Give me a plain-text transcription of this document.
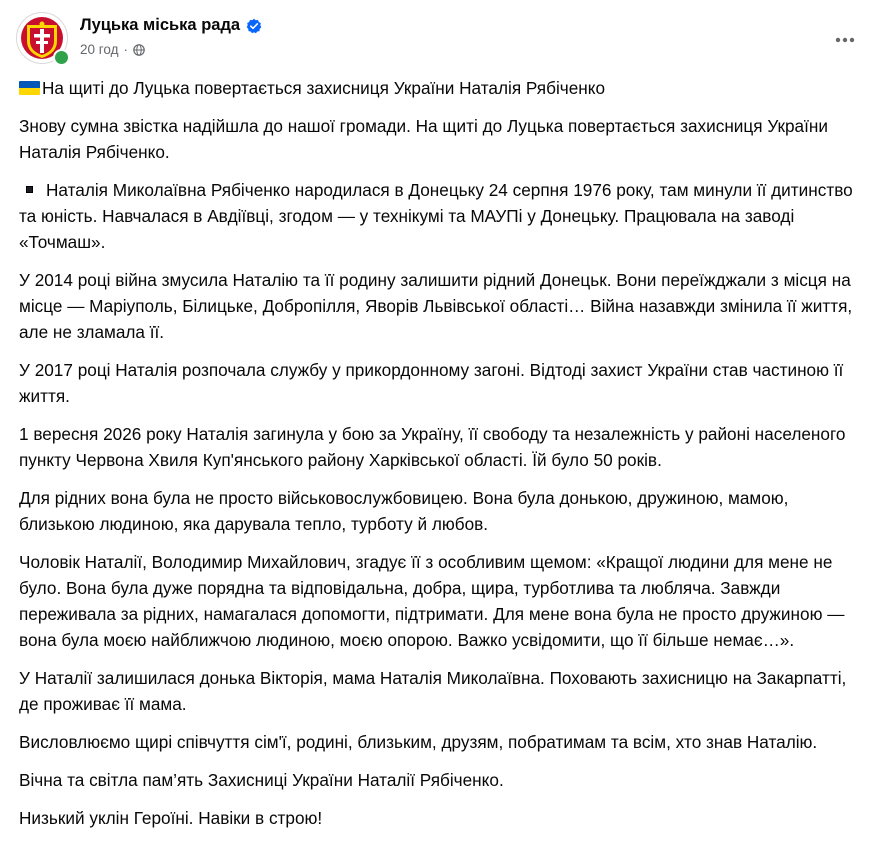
Луцька міська рада
20 год ·

На щиті до Луцька повертається захисниця України Наталія Рябіченко

Знову сумна звістка надійшла до нашої громади. На щиті до Луцька повертається захисниця України Наталія Рябіченко.

Наталія Миколаївна Рябіченко народилася в Донецьку 24 серпня 1976 року, там минули її дитинство та юність. Навчалася в Авдіївці, згодом — у технікумі та МАУПі у Донецьку. Працювала на заводі «Точмаш».

У 2014 році війна змусила Наталію та її родину залишити рідний Донецьк. Вони переїжджали з місця на місце — Маріуполь, Білицьке, Добропілля, Яворів Львівської області… Війна назавжди змінила її життя, але не зламала її.

У 2017 році Наталія розпочала службу у прикордонному загоні. Відтоді захист України став частиною її життя.

1 вересня 2026 року Наталія загинула у бою за Україну, її свободу та незалежність у районі населеного пункту Червона Хвиля Куп'янського району Харківської області. Їй було 50 років.

Для рідних вона була не просто військовослужбовицею. Вона була донькою, дружиною, мамою, близькою людиною, яка дарувала тепло, турботу й любов.

Чоловік Наталії, Володимир Михайлович, згадує її з особливим щемом: «Кращої людини для мене не було. Вона була дуже порядна та відповідальна, добра, щира, турботлива та любляча. Завжди переживала за рідних, намагалася допомогти, підтримати. Для мене вона була не просто дружиною — вона була моєю найближчою людиною, моєю опорою. Важко усвідомити, що її більше немає…».

У Наталії залишилася донька Вікторія, мама Наталія Миколаївна. Поховають захисницю на Закарпатті, де проживає її мама.

Висловлюємо щирі співчуття сім'ї, родині, близьким, друзям, побратимам та всім, хто знав Наталію.

Вічна та світла пам’ять Захисниці України Наталії Рябіченко.

Низький уклін Героїні. Навіки в строю!
